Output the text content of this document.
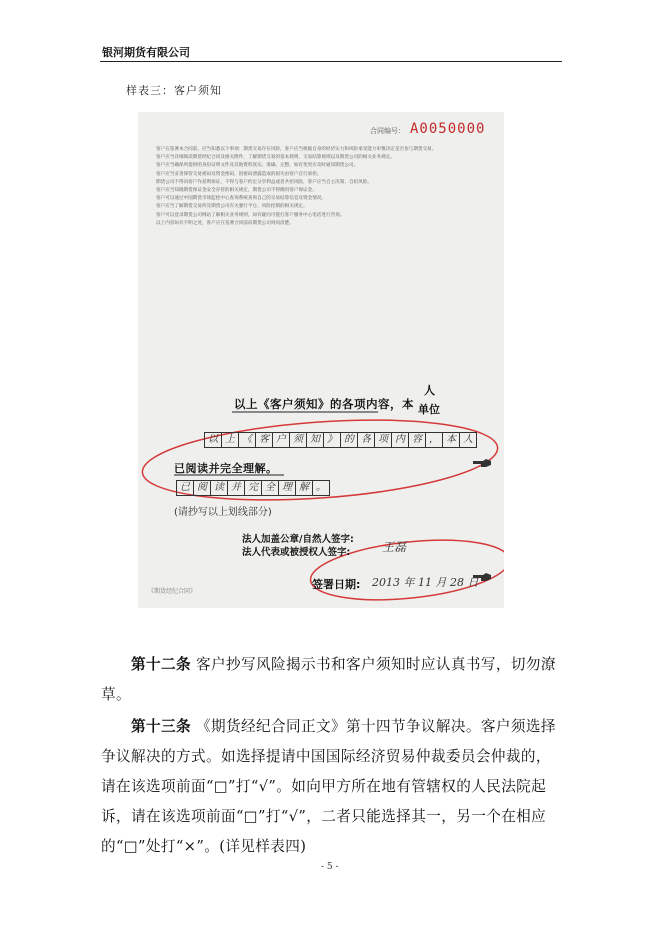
银河期货有限公司
样表三：客户须知
合同编号： A0050000

客户在签署本合同前，应当知悉以下事项：期货交易存在风险，客户应当根据自身的经济实力和风险承受能力审慎决定是否参与期货交易。

客户应当详细阅读期货经纪合同及相关附件，了解期货交易的基本规则、交易结算规则以及期货公司的相关业务规定。

客户应当确保所提供的身份证明文件及其他资料真实、准确、完整，如有变更应及时通知期货公司。

客户应当妥善保管交易密码及资金密码，因密码泄露造成的损失由客户自行承担。

期货公司不得向客户作获利保证，不得与客户约定分享利益或者共担风险，客户应当自主决策、自担风险。

客户应当知晓期货保证金安全存管的相关规定，期货公司不得挪用客户保证金。

客户可以通过中国期货市场监控中心查询系统查询自己的交易结算信息及资金情况。

客户应当了解期货交易所及期货公司有关强行平仓、风险控制的相关规定。

客户可以登录期货公司网站了解相关业务规则，如有疑问可拨打客户服务中心电话进行咨询。

以上内容如有不明之处，客户应在签署合同前向期货公司询问清楚。

人
以上《客户须知》的各项内容，本 单位
以 上 《 客 户 须 知 》 的 各 项 内 容 ， 本 人
已阅读并完全理解。
已 阅 读 并 完 全 理 解 。
(请抄写以上划线部分)
法人加盖公章/自然人签字:
法人代表或被授权人签字:	王磊
签署日期: 2013 年 11 月 28 日
《期货经纪合同》
第十二条 客户抄写风险揭示书和客户须知时应认真书写，切勿潦草。
第十三条 《期货经纪合同正文》第十四节争议解决。客户须选择争议解决的方式。如选择提请中国国际经济贸易仲裁委员会仲裁的，请在该选项前面“□”打“√”。如向甲方所在地有管辖权的人民法院起诉，请在该选项前面“□”打“√”，二者只能选择其一，另一个在相应的“□”处打“×”。(详见样表四)
- 5 -
